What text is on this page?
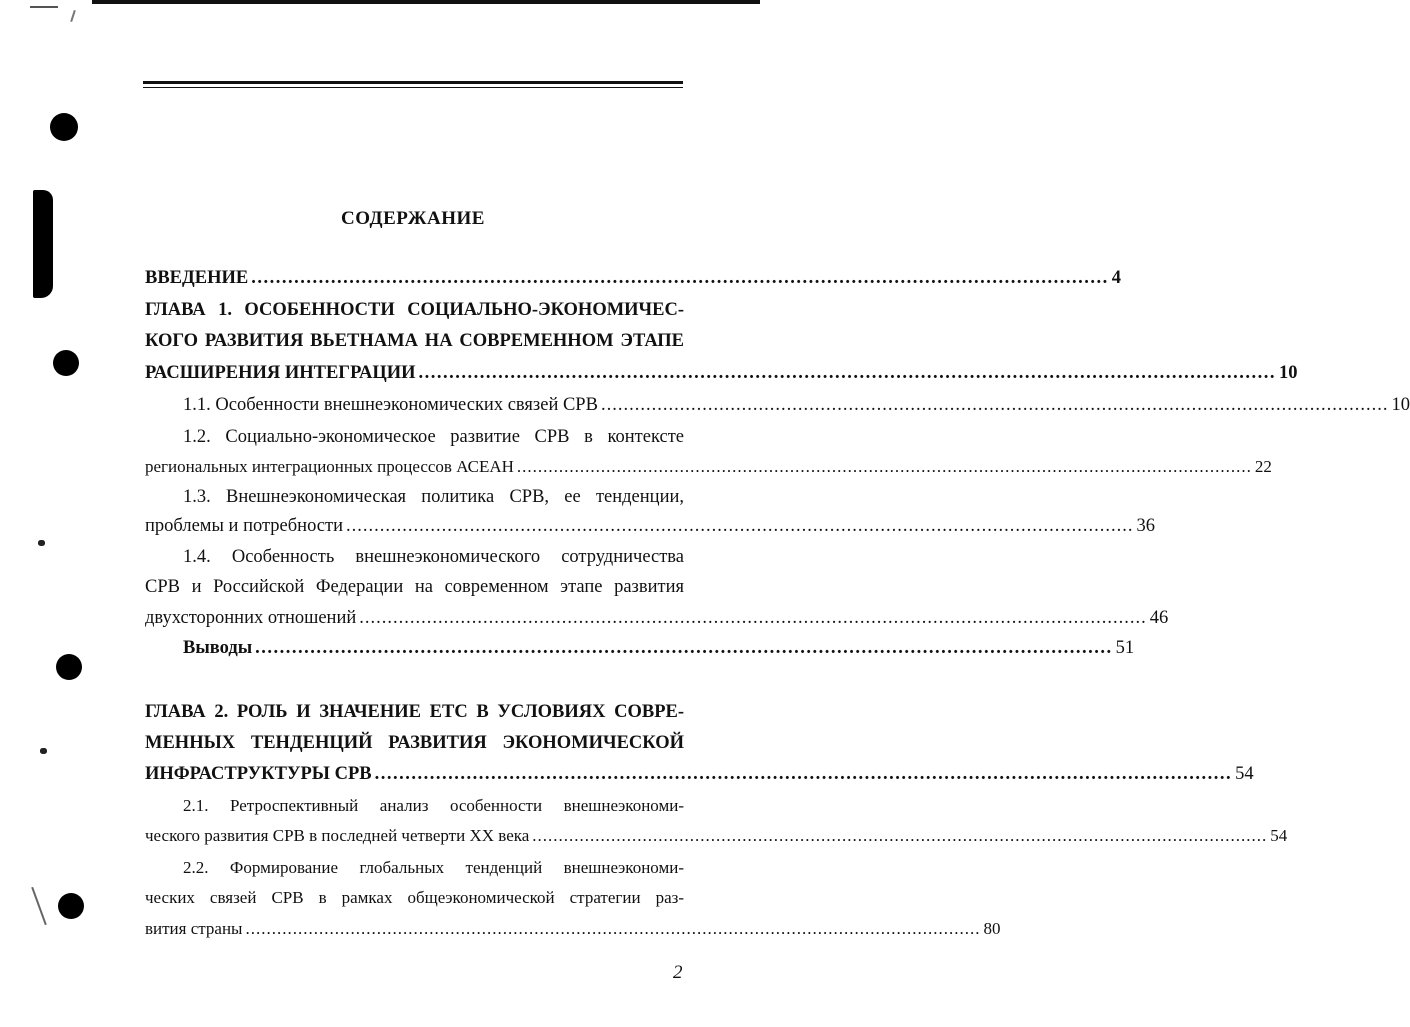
СОДЕРЖАНИЕ
ВВЕДЕНИЕ ............................................................................................................................................ 4
ГЛАВА 1. ОСОБЕННОСТИ СОЦИАЛЬНО-ЭКОНОМИЧЕС-
КОГО РАЗВИТИЯ ВЬЕТНАМА НА СОВРЕМЕННОМ ЭТАПЕ
РАСШИРЕНИЯ ИНТЕГРАЦИИ ............................................................................................................................................ 10
1.1. Особенности внешнеэкономических связей СРВ ............................................................................................................................................ 10
1.2. Социально-экономическое развитие СРВ в контексте
региональных интеграционных процессов АСЕАН ............................................................................................................................................ 22
1.3. Внешнеэкономическая политика СРВ, ее тенденции,
проблемы и потребности ............................................................................................................................................ 36
1.4. Особенность внешнеэкономического сотрудничества
СРВ и Российской Федерации на современном этапе развития
двухсторонних отношений ............................................................................................................................................ 46
Выводы ............................................................................................................................................ 51
ГЛАВА 2. РОЛЬ И ЗНАЧЕНИЕ ЕТС В УСЛОВИЯХ СОВРЕ-
МЕННЫХ ТЕНДЕНЦИЙ РАЗВИТИЯ ЭКОНОМИЧЕСКОЙ
ИНФРАСТРУКТУРЫ СРВ ............................................................................................................................................ 54
2.1. Ретроспективный анализ особенности внешнеэкономи-
ческого развития СРВ в последней четверти XX века ............................................................................................................................................ 54
2.2. Формирование глобальных тенденций внешнеэкономи-
ческих связей СРВ в рамках общеэкономической стратегии раз-
вития страны ............................................................................................................................................ 80
2
